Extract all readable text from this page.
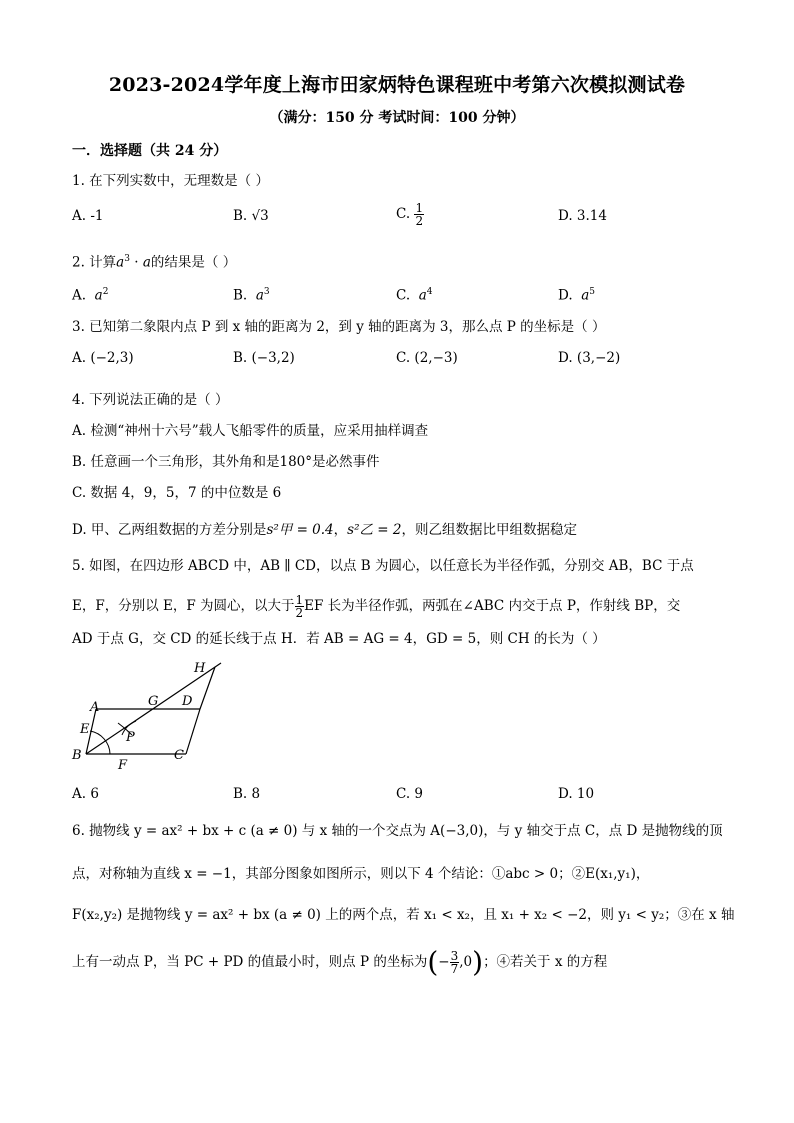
2023-2024学年度上海市田家炳特色课程班中考第六次模拟测试卷
（满分：150 分 考试时间：100 分钟）
一．选择题（共 24 分）
1. 在下列实数中，无理数是（ ）
A. -1	B. √3	C. $\frac{1}{2}$	D. 3.14
2. 计算$a^3 \cdot a$的结果是（ ）
A. $a^2$	B. $a^3$	C. $a^4$	D. $a^5$
3. 已知第二象限内点 P 到 x 轴的距离为 2，到 y 轴的距离为 3，那么点 P 的坐标是（ ）
A. (−2,3)	B. (−3,2)	C. (2,−3)	D. (3,−2)
4. 下列说法正确的是（ ）
A. 检测“神州十六号”载人飞船零件的质量，应采用抽样调查
B. 任意画一个三角形，其外角和是180°是必然事件
C. 数据 4，9，5，7 的中位数是 6
D. 甲、乙两组数据的方差分别是s²甲 = 0.4，s²乙 = 2，则乙组数据比甲组数据稳定
5. 如图，在四边形 ABCD 中，AB ∥ CD，以点 B 为圆心，以任意长为半径作弧，分别交 AB，BC 于点
E，F，分别以 E，F 为圆心，以大于 $\frac{1}{2}$ EF 长为半径作弧，两弧在∠ABC 内交于点 P，作射线 BP，交
AD 于点 G，交 CD 的延长线于点 H．若 AB = AG = 4，GD = 5，则 CH 的长为（ ）
H
A	G D
E
P
B
F
C
A. 6	B. 8	C. 9	D. 10
6. 抛物线 y = ax² + bx + c (a ≠ 0) 与 x 轴的一个交点为 A(−3,0)，与 y 轴交于点 C，点 D 是抛物线的顶
点，对称轴为直线 x = −1，其部分图象如图所示，则以下 4 个结论：①abc > 0；②E(x₁,y₁)，
F(x₂,y₂) 是抛物线 y = ax² + bx (a ≠ 0) 上的两个点，若 x₁ < x₂，且 x₁ + x₂ < −2，则 y₁ < y₂；③在 x 轴
上有一动点 P，当 PC + PD 的值最小时，则点 P 的坐标为(− $\frac{3}{7} ,0$)；④若关于 x 的方程
